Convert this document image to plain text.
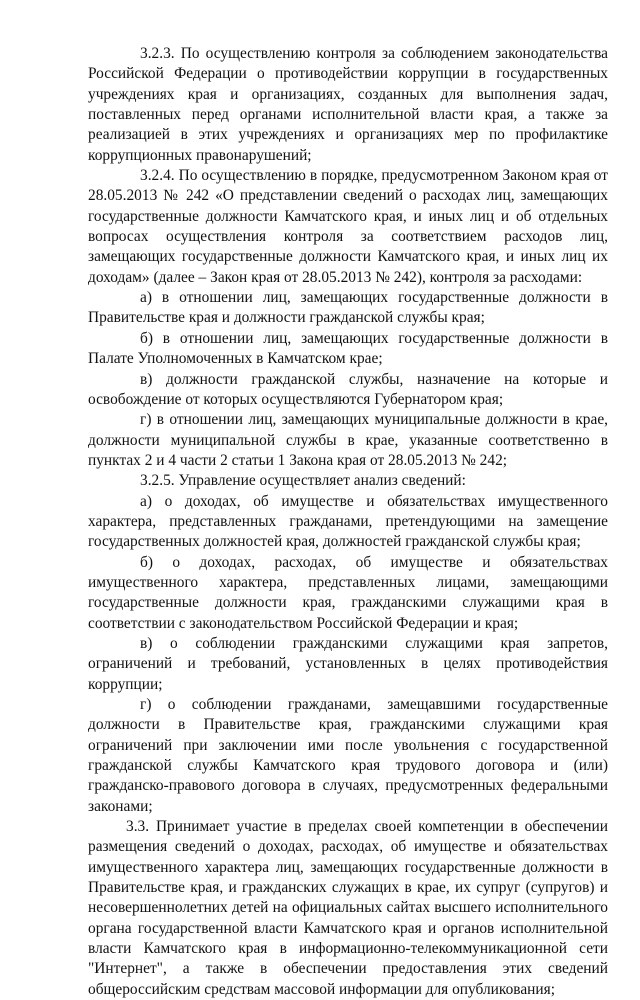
3.2.3. По осуществлению контроля за соблюдением законодательства Российской Федерации о противодействии коррупции в государственных учреждениях края и организациях, созданных для выполнения задач, поставленных перед органами исполнительной власти края, а также за реализацией в этих учреждениях и организациях мер по профилактике коррупционных правонарушений;

3.2.4. По осуществлению в порядке, предусмотренном Законом края от 28.05.2013 № 242 «О представлении сведений о расходах лиц, замещающих государственные должности Камчатского края, и иных лиц и об отдельных вопросах осуществления контроля за соответствием расходов лиц, замещающих государственные должности Камчатского края, и иных лиц их доходам» (далее – Закон края от 28.05.2013 № 242), контроля за расходами:

а) в отношении лиц, замещающих государственные должности в Правительстве края и должности гражданской службы края;

б) в отношении лиц, замещающих государственные должности в Палате Уполномоченных в Камчатском крае;

в) должности гражданской службы, назначение на которые и освобождение от которых осуществляются Губернатором края;

г) в отношении лиц, замещающих муниципальные должности в крае, должности муниципальной службы в крае, указанные соответственно в пунктах 2 и 4 части 2 статьи 1 Закона края от 28.05.2013 № 242;

3.2.5. Управление осуществляет анализ сведений:

а) о доходах, об имуществе и обязательствах имущественного характера, представленных гражданами, претендующими на замещение государственных должностей края, должностей гражданской службы края;

б) о доходах, расходах, об имуществе и обязательствах имущественного характера, представленных лицами, замещающими государственные должности края, гражданскими служащими края в соответствии с законодательством Российской Федерации и края;

в) о соблюдении гражданскими служащими края запретов, ограничений и требований, установленных в целях противодействия коррупции;

г) о соблюдении гражданами, замещавшими государственные должности в Правительстве края, гражданскими служащими края ограничений при заключении ими после увольнения с государственной гражданской службы Камчатского края трудового договора и (или) гражданско-правового договора в случаях, предусмотренных федеральными законами;

3.3. Принимает участие в пределах своей компетенции в обеспечении размещения сведений о доходах, расходах, об имуществе и обязательствах имущественного характера лиц, замещающих государственные должности в Правительстве края, и гражданских служащих в крае, их супруг (супругов) и несовершеннолетних детей на официальных сайтах высшего исполнительного органа государственной власти Камчатского края и органов исполнительной власти Камчатского края в информационно-телекоммуникационной сети "Интернет", а также в обеспечении предоставления этих сведений общероссийским средствам массовой информации для опубликования;
